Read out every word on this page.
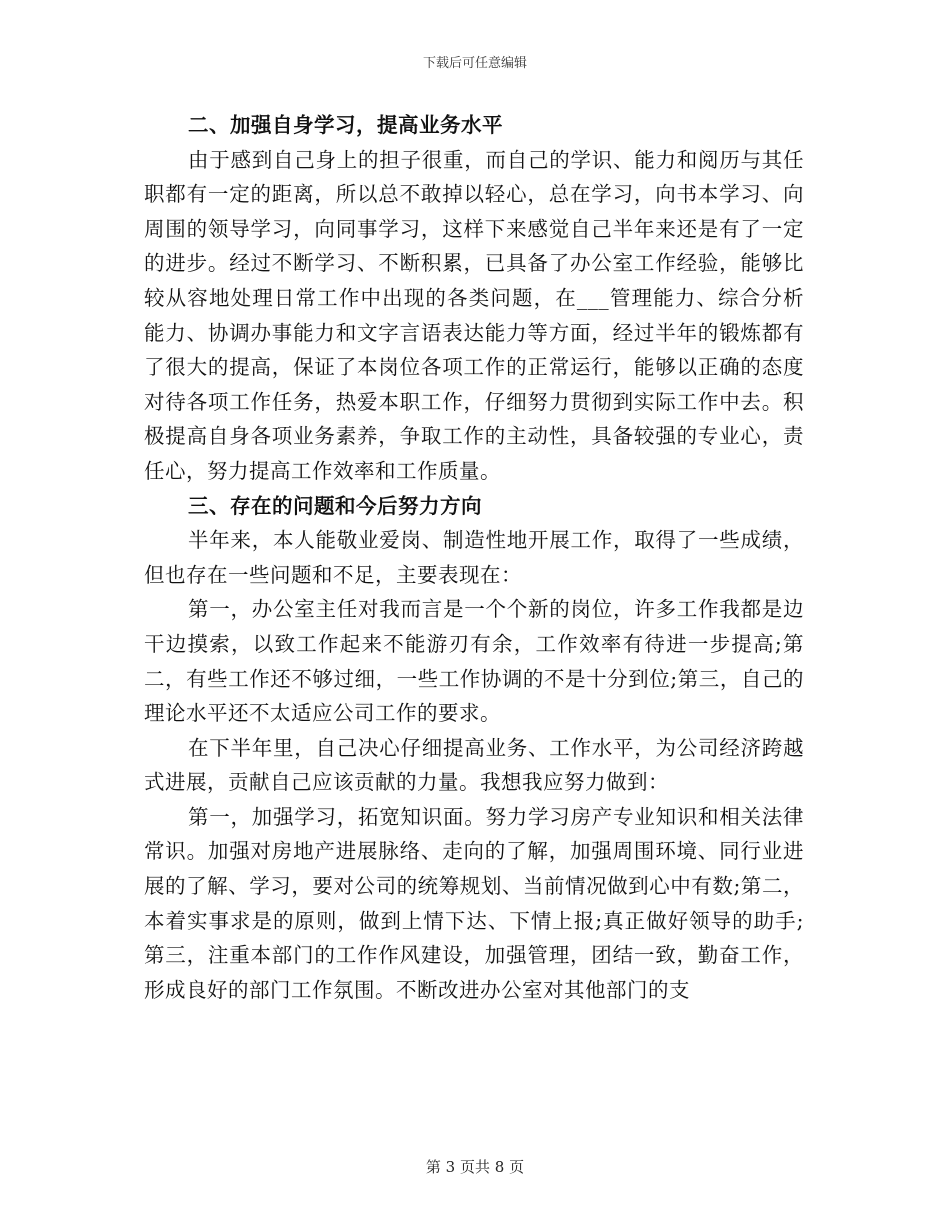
下载后可任意编辑

二、加强自身学习，提高业务水平

由于感到自己身上的担子很重，而自己的学识、能力和阅历与其任职都有一定的距离，所以总不敢掉以轻心，总在学习，向书本学习、向周围的领导学习，向同事学习，这样下来感觉自己半年来还是有了一定的进步。经过不断学习、不断积累，已具备了办公室工作经验，能够比较从容地处理日常工作中出现的各类问题，在___管理能力、综合分析能力、协调办事能力和文字言语表达能力等方面，经过半年的锻炼都有了很大的提高，保证了本岗位各项工作的正常运行，能够以正确的态度对待各项工作任务，热爱本职工作，仔细努力贯彻到实际工作中去。积极提高自身各项业务素养，争取工作的主动性，具备较强的专业心，责任心，努力提高工作效率和工作质量。

三、存在的问题和今后努力方向

半年来，本人能敬业爱岗、制造性地开展工作，取得了一些成绩，但也存在一些问题和不足，主要表现在：

第一，办公室主任对我而言是一个个新的岗位，许多工作我都是边干边摸索，以致工作起来不能游刃有余，工作效率有待进一步提高;第二，有些工作还不够过细，一些工作协调的不是十分到位;第三，自己的理论水平还不太适应公司工作的要求。

在下半年里，自己决心仔细提高业务、工作水平，为公司经济跨越式进展，贡献自己应该贡献的力量。我想我应努力做到：

第一，加强学习，拓宽知识面。努力学习房产专业知识和相关法律常识。加强对房地产进展脉络、走向的了解，加强周围环境、同行业进展的了解、学习，要对公司的统筹规划、当前情况做到心中有数;第二，本着实事求是的原则，做到上情下达、下情上报;真正做好领导的助手;第三，注重本部门的工作作风建设，加强管理，团结一致，勤奋工作，形成良好的部门工作氛围。不断改进办公室对其他部门的支

第 3 页共 8 页
